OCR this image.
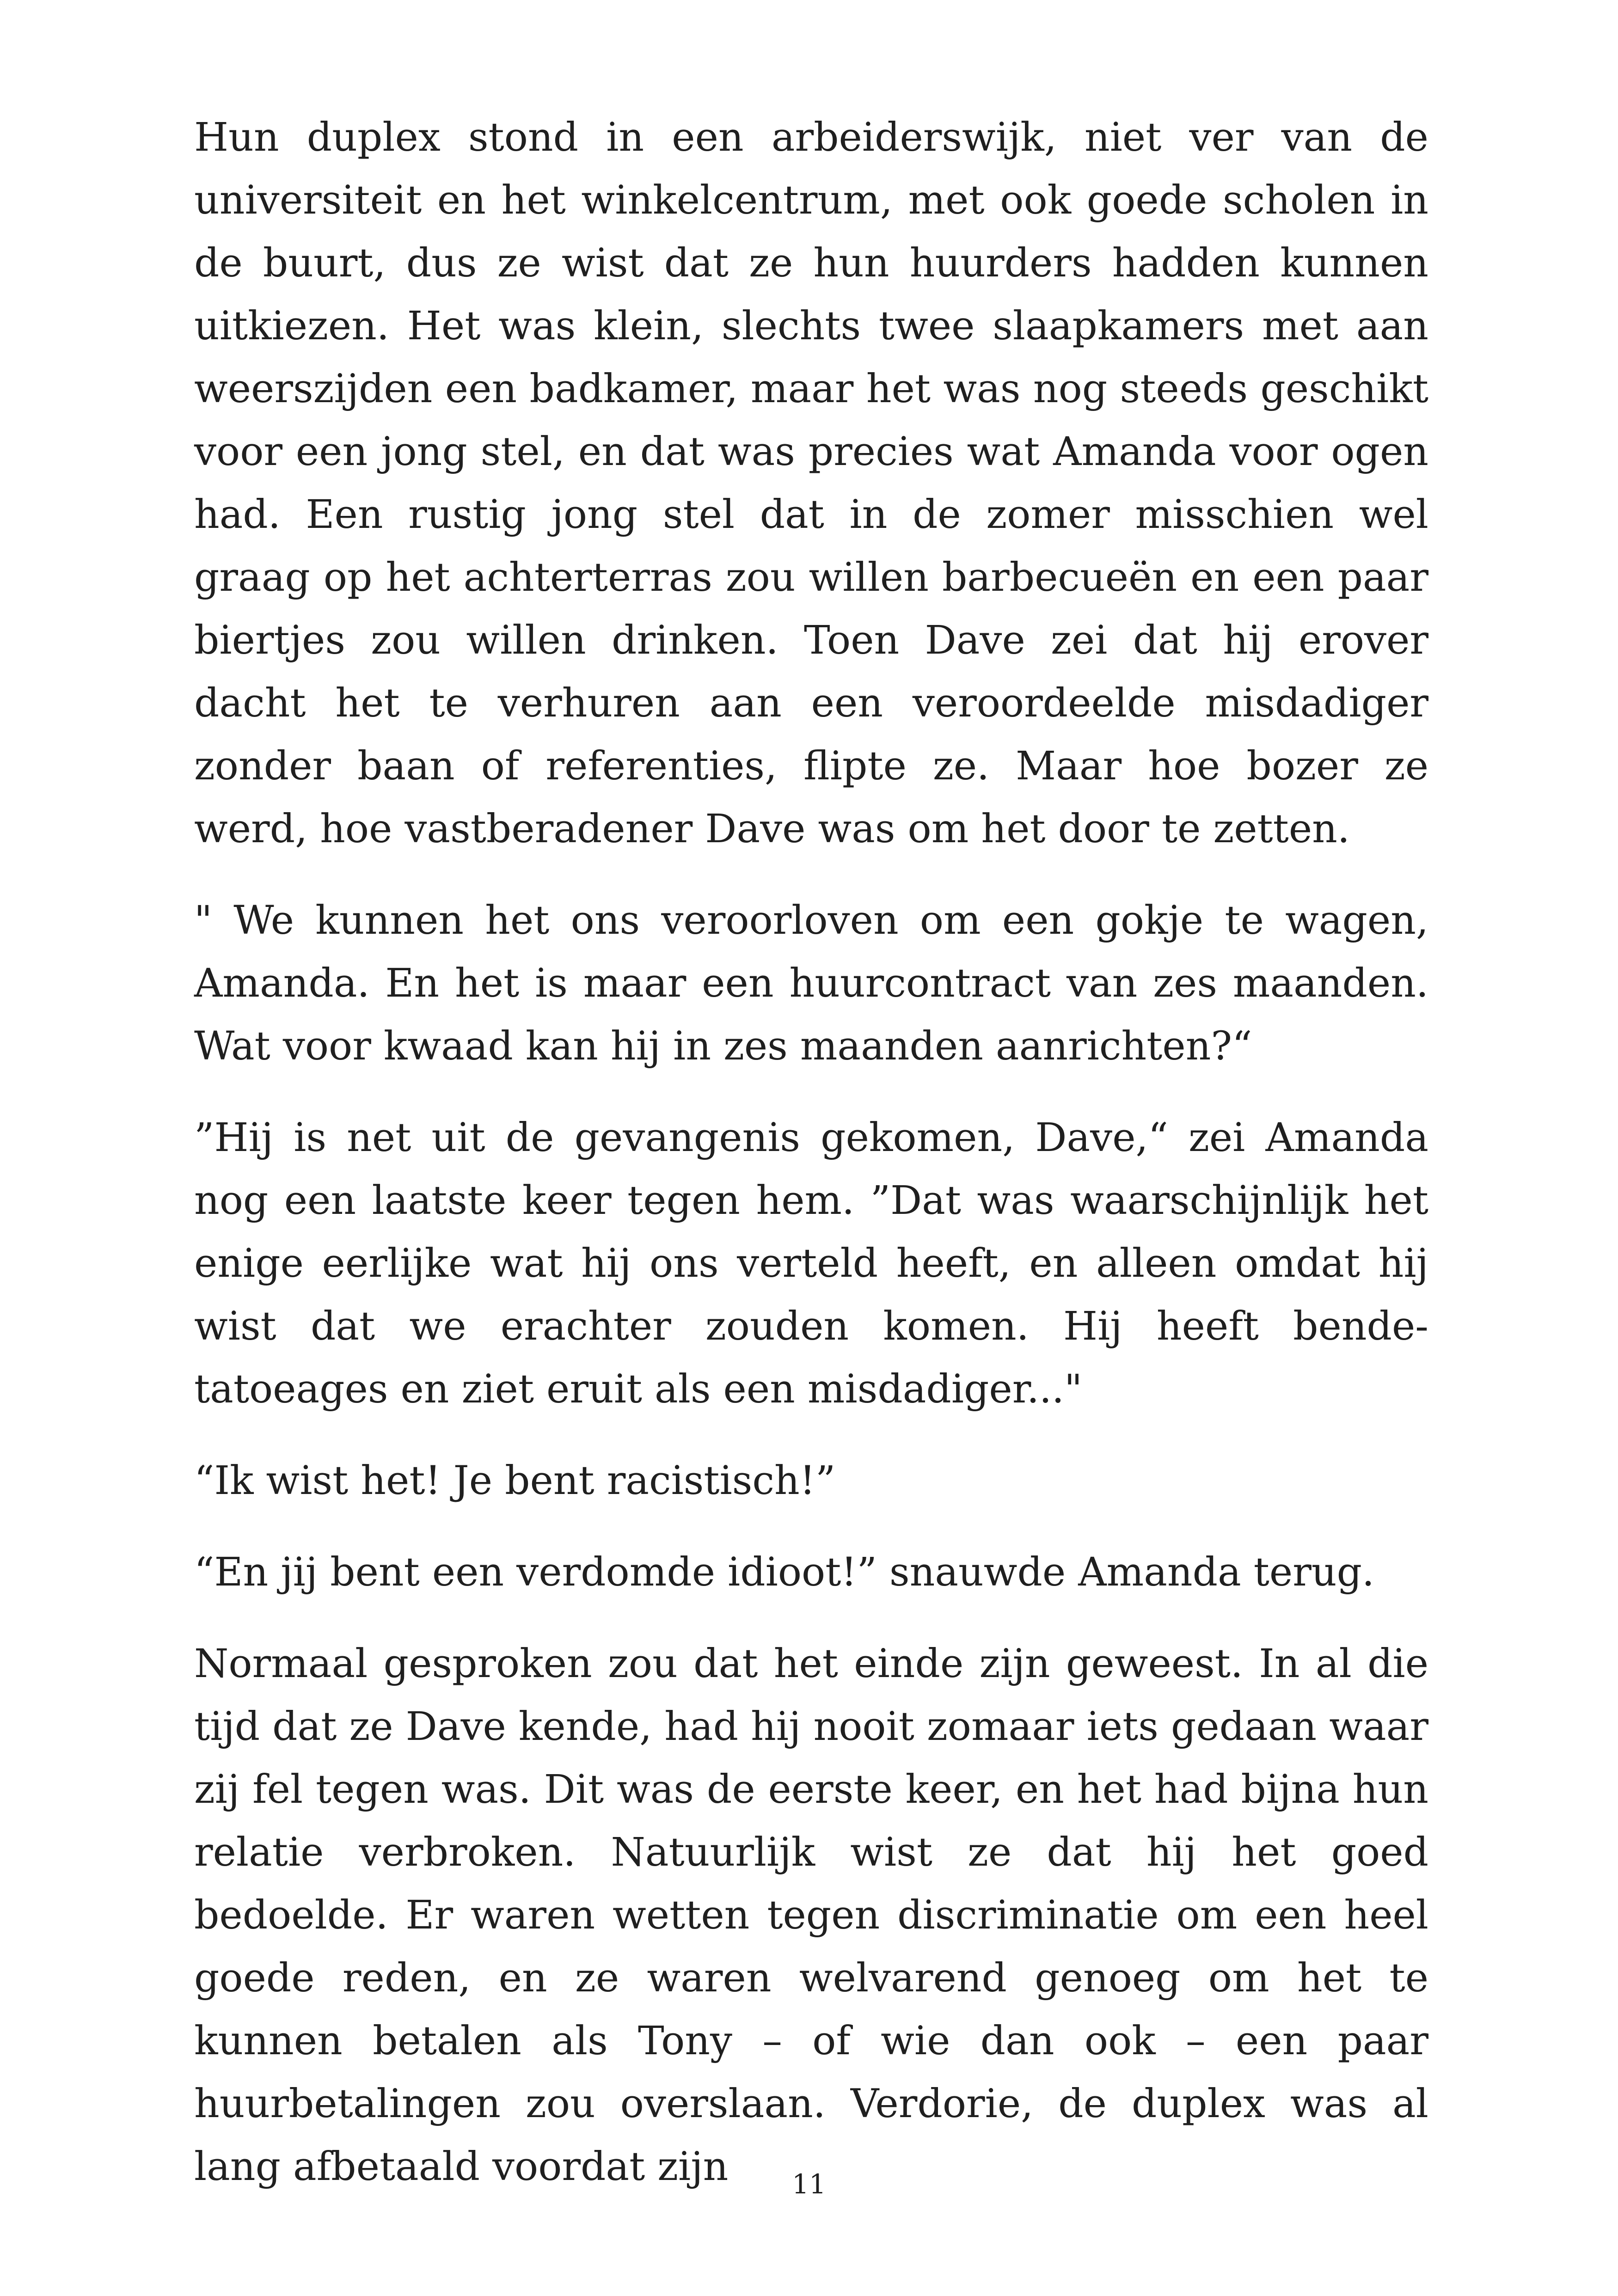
Hun duplex stond in een arbeiderswijk, niet ver van de universiteit en het winkelcentrum, met ook goede scholen in de buurt, dus ze wist dat ze hun huurders hadden kunnen uitkiezen. Het was klein, slechts twee slaapkamers met aan weerszijden een badkamer, maar het was nog steeds geschikt voor een jong stel, en dat was precies wat Amanda voor ogen had. Een rustig jong stel dat in de zomer misschien wel graag op het achterterras zou willen barbecueën en een paar biertjes zou willen drinken. Toen Dave zei dat hij erover dacht het te verhuren aan een veroordeelde misdadiger zonder baan of referenties, flipte ze. Maar hoe bozer ze werd, hoe vastberadener Dave was om het door te zetten.

" We kunnen het ons veroorloven om een gokje te wagen, Amanda. En het is maar een huurcontract van zes maanden. Wat voor kwaad kan hij in zes maanden aanrichten?“

”Hij is net uit de gevangenis gekomen, Dave,“ zei Amanda nog een laatste keer tegen hem. ”Dat was waarschijnlijk het enige eerlijke wat hij ons verteld heeft, en alleen omdat hij wist dat we erachter zouden komen. Hij heeft bende-tatoeages en ziet eruit als een misdadiger..."

“Ik wist het! Je bent racistisch!”

“En jij bent een verdomde idioot!” snauwde Amanda terug.

Normaal gesproken zou dat het einde zijn geweest. In al die tijd dat ze Dave kende, had hij nooit zomaar iets gedaan waar zij fel tegen was. Dit was de eerste keer, en het had bijna hun relatie verbroken. Natuurlijk wist ze dat hij het goed bedoelde. Er waren wetten tegen discriminatie om een heel goede reden, en ze waren welvarend genoeg om het te kunnen betalen als Tony – of wie dan ook – een paar huurbetalingen zou overslaan. Verdorie, de duplex was al lang afbetaald voordat zijn	11
